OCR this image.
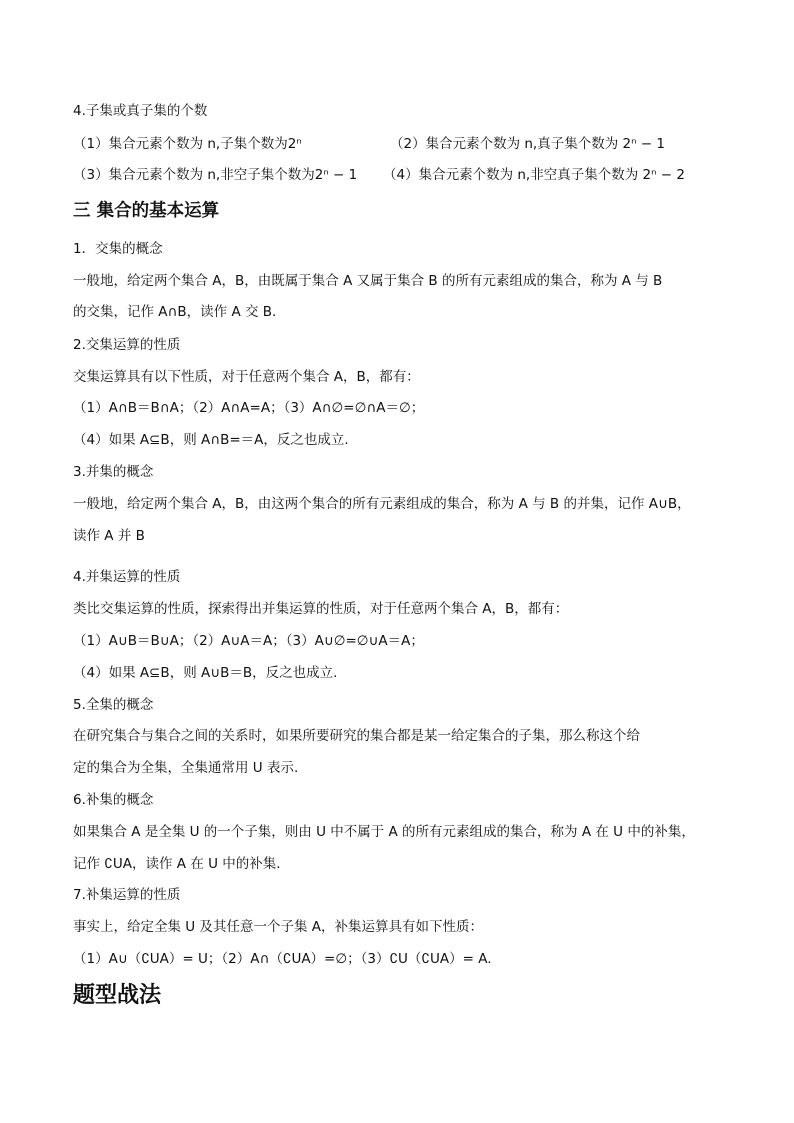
4.子集或真子集的个数
（1）集合元素个数为 n,子集个数为2ⁿ	（2）集合元素个数为 n,真子集个数为 2ⁿ − 1
（3）集合元素个数为 n,非空子集个数为2ⁿ − 1 （4）集合元素个数为 n,非空真子集个数为 2ⁿ − 2
三 集合的基本运算
1．交集的概念
一般地，给定两个集合 A，B，由既属于集合 A 又属于集合 B 的所有元素组成的集合，称为 A 与 B
的交集，记作 A∩B，读作 A 交 B.
2.交集运算的性质
交集运算具有以下性质，对于任意两个集合 A，B，都有：
（1）A∩B＝B∩A；（2）A∩A=A；（3）A∩∅=∅∩A＝∅；
（4）如果 A⊆B，则 A∩B=＝A，反之也成立.
3.并集的概念
一般地，给定两个集合 A，B，由这两个集合的所有元素组成的集合，称为 A 与 B 的并集，记作 A∪B，
读作 A 并 B
4.并集运算的性质
类比交集运算的性质，探索得出并集运算的性质，对于任意两个集合 A，B，都有：
（1）A∪B＝B∪A；（2）A∪A＝A；（3）A∪∅=∅∪A＝A；
（4）如果 A⊆B，则 A∪B＝B，反之也成立.
5.全集的概念
在研究集合与集合之间的关系时，如果所要研究的集合都是某一给定集合的子集，那么称这个给
定的集合为全集，全集通常用 U 表示.
6.补集的概念
如果集合 A 是全集 U 的一个子集，则由 U 中不属于 A 的所有元素组成的集合，称为 A 在 U 中的补集，
记作 ∁UA，读作 A 在 U 中的补集.
7.补集运算的性质
事实上，给定全集 U 及其任意一个子集 A，补集运算具有如下性质：
（1）A∪（∁UA）= U；（2）A∩（∁UA）=∅；（3）∁U（∁UA）= A.
题型战法
